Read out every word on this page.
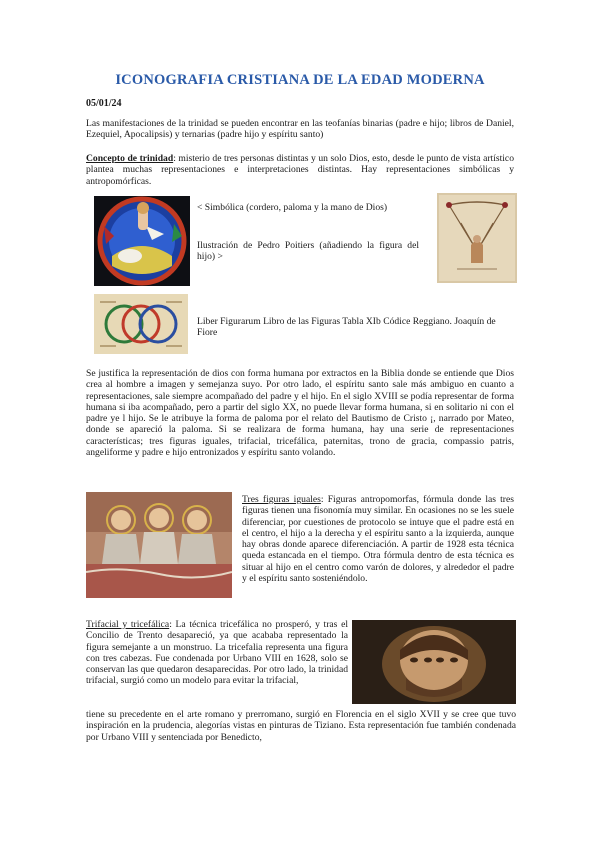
ICONOGRAFIA CRISTIANA DE LA EDAD MODERNA
05/01/24
Las manifestaciones de la trinidad se pueden encontrar en las teofanías binarias (padre e hijo; libros de Daniel, Ezequiel, Apocalipsis) y ternarias (padre hijo y espíritu santo)
Concepto de trinidad: misterio de tres personas distintas y un solo Dios, esto, desde le punto de vista artístico plantea muchas representaciones e interpretaciones distintas. Hay representaciones simbólicas y antropomórficas.
< Simbólica (cordero, paloma y la mano de Dios)
Ilustración de Pedro Poitiers (añadiendo la figura del hijo) >
Liber Figurarum Libro de las Figuras Tabla XIb Códice Reggiano. Joaquín de Fiore
Se justifica la representación de dios con forma humana por extractos en la Biblia donde se entiende que Dios crea al hombre a imagen y semejanza suyo. Por otro lado, el espíritu santo sale más ambiguo en cuanto a representaciones, sale siempre acompañado del padre y el hijo. En el siglo XVIII se podía representar de forma humana si iba acompañado, pero a partir del siglo XX, no puede llevar forma humana, si en solitario ni con el padre ye l hijo. Se le atribuye la forma de paloma por el relato del Bautismo de Cristo ¡, narrado por Mateo, donde se apareció la paloma. Si se realizara de forma humana, hay una serie de representaciones características; tres figuras iguales, trifacial, tricefálica, paternitas, trono de gracia, compassio patris, angeliforme y padre e hijo entronizados y espíritu santo volando.
Tres figuras iguales: Figuras antropomorfas, fórmula donde las tres figuras tienen una fisonomía muy similar. En ocasiones no se les suele diferenciar, por cuestiones de protocolo se intuye que el padre está en el centro, el hijo a la derecha y el espíritu santo a la izquierda, aunque hay obras donde aparece diferenciación. A partir de 1928 esta técnica queda estancada en el tiempo. Otra fórmula dentro de esta técnica es situar al hijo en el centro como varón de dolores, y alrededor el padre y el espíritu santo sosteniéndolo.
Trifacial y tricefálica: La técnica tricefálica no prosperó, y tras el Concilio de Trento desapareció, ya que acababa representado la figura semejante a un monstruo. La tricefalia representa una figura con tres cabezas. Fue condenada por Urbano VIII en 1628, solo se conservan las que quedaron desaparecidas. Por otro lado, la trinidad trifacial, surgió como un modelo para evitar la trifacial,
tiene su precedente en el arte romano y prerromano, surgió en Florencia en el siglo XVII y se cree que tuvo inspiración en la prudencia, alegorías vistas en pinturas de Tiziano. Esta representación fue también condenada por Urbano VIII y sentenciada por Benedicto,
